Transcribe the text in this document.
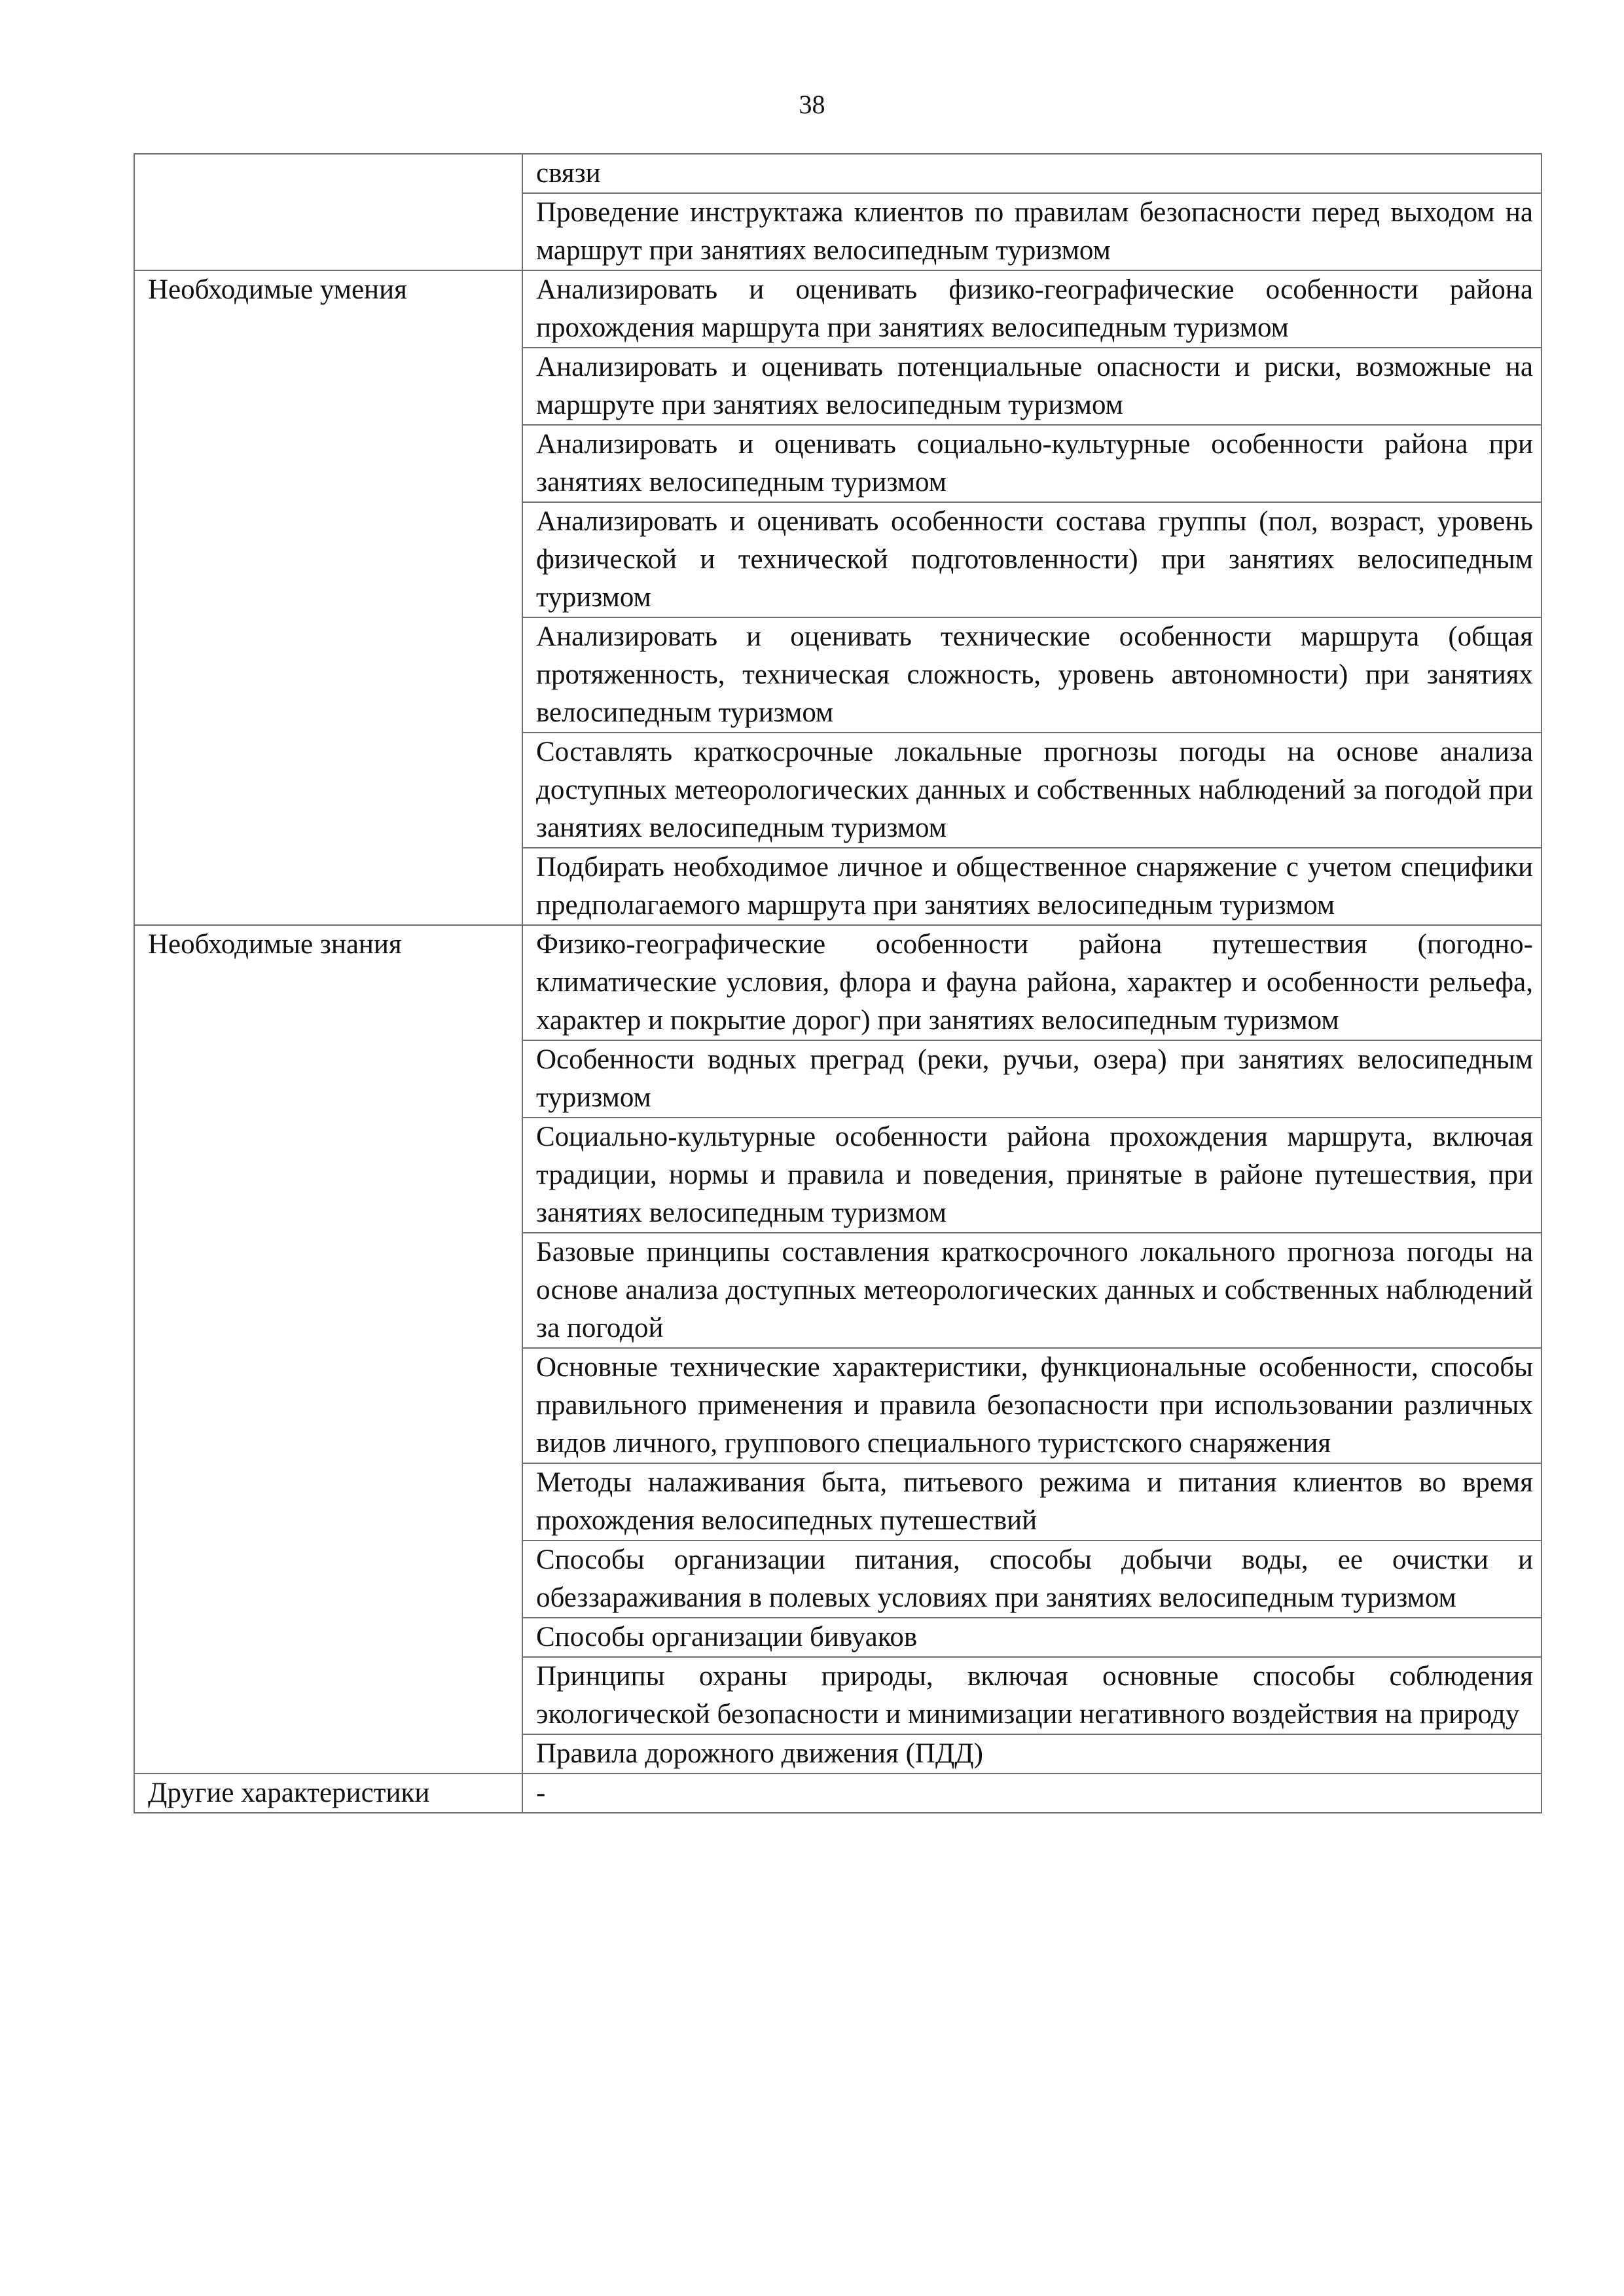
38
	связи
	Проведение инструктажа клиентов по правилам безопасности перед выходом на маршрут при занятиях велосипедным туризмом
Необходимые умения	Анализировать и оценивать физико-географические особенности района прохождения маршрута при занятиях велосипедным туризмом
	Анализировать и оценивать потенциальные опасности и риски, возможные на маршруте при занятиях велосипедным туризмом
	Анализировать и оценивать социально-культурные особенности района при занятиях велосипедным туризмом
	Анализировать и оценивать особенности состава группы (пол, возраст, уровень физической и технической подготовленности) при занятиях велосипедным туризмом
	Анализировать и оценивать технические особенности маршрута (общая протяженность, техническая сложность, уровень автономности) при занятиях велосипедным туризмом
	Составлять краткосрочные локальные прогнозы погоды на основе анализа доступных метеорологических данных и собственных наблюдений за погодой при занятиях велосипедным туризмом
	Подбирать необходимое личное и общественное снаряжение с учетом специфики предполагаемого маршрута при занятиях велосипедным туризмом
Необходимые знания	Физико-географические особенности района путешествия (погодно-климатические условия, флора и фауна района, характер и особенности рельефа, характер и покрытие дорог) при занятиях велосипедным туризмом
	Особенности водных преград (реки, ручьи, озера) при занятиях велосипедным туризмом
	Социально-культурные особенности района прохождения маршрута, включая традиции, нормы и правила и поведения, принятые в районе путешествия, при занятиях велосипедным туризмом
	Базовые принципы составления краткосрочного локального прогноза погоды на основе анализа доступных метеорологических данных и собственных наблюдений за погодой
	Основные технические характеристики, функциональные особенности, способы правильного применения и правила безопасности при использовании различных видов личного, группового специального туристского снаряжения
	Методы налаживания быта, питьевого режима и питания клиентов во время прохождения велосипедных путешествий
	Способы организации питания, способы добычи воды, ее очистки и обеззараживания в полевых условиях при занятиях велосипедным туризмом
	Способы организации бивуаков
	Принципы охраны природы, включая основные способы соблюдения экологической безопасности и минимизации негативного воздействия на природу
	Правила дорожного движения (ПДД)
Другие характеристики	-
